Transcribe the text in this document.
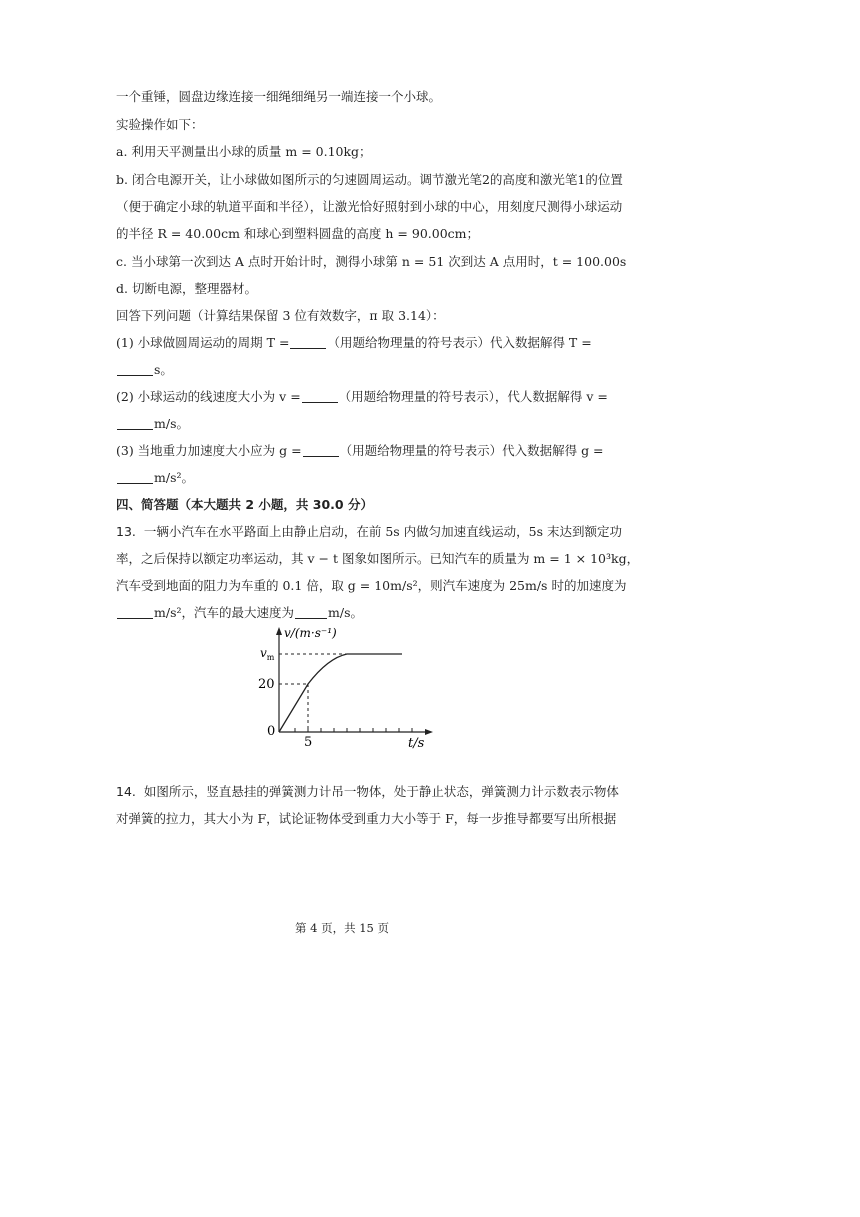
一个重锤，圆盘边缘连接一细绳细绳另一端连接一个小球。
实验操作如下：
a. 利用天平测量出小球的质量 m = 0.10kg；
b. 闭合电源开关，让小球做如图所示的匀速圆周运动。调节激光笔2的高度和激光笔1的位置
（便于确定小球的轨道平面和半径），让激光恰好照射到小球的中心，用刻度尺测得小球运动
的半径 R = 40.00cm 和球心到塑料圆盘的高度 h = 90.00cm；
c. 当小球第一次到达 A 点时开始计时，测得小球第 n = 51 次到达 A 点用时，t = 100.00s
d. 切断电源，整理器材。
回答下列问题（计算结果保留 3 位有效数字，π 取 3.14）：
(1) 小球做圆周运动的周期 T =	（用题给物理量的符号表示）代入数据解得 T =
s。
(2) 小球运动的线速度大小为 v =	（用题给物理量的符号表示），代人数据解得 v =
m/s。
(3) 当地重力加速度大小应为 g =	（用题给物理量的符号表示）代入数据解得 g =
m/s²。
四、简答题（本大题共 2 小题，共 30.0 分）
13. 一辆小汽车在水平路面上由静止启动，在前 5s 内做匀加速直线运动，5s 末达到额定功
率，之后保持以额定功率运动，其 v − t 图象如图所示。已知汽车的质量为 m = 1 × 10³kg，
汽车受到地面的阻力为车重的 0.1 倍，取 g = 10m/s²，则汽车速度为 25m/s 时的加速度为
m/s²，汽车的最大速度为	m/s。
v/(m·s⁻¹)
$v_m$
20
0
5	t/s
14. 如图所示，竖直悬挂的弹簧测力计吊一物体，处于静止状态，弹簧测力计示数表示物体
对弹簧的拉力，其大小为 F，试论证物体受到重力大小等于 F，每一步推导都要写出所根据
第 4 页，共 15 页
